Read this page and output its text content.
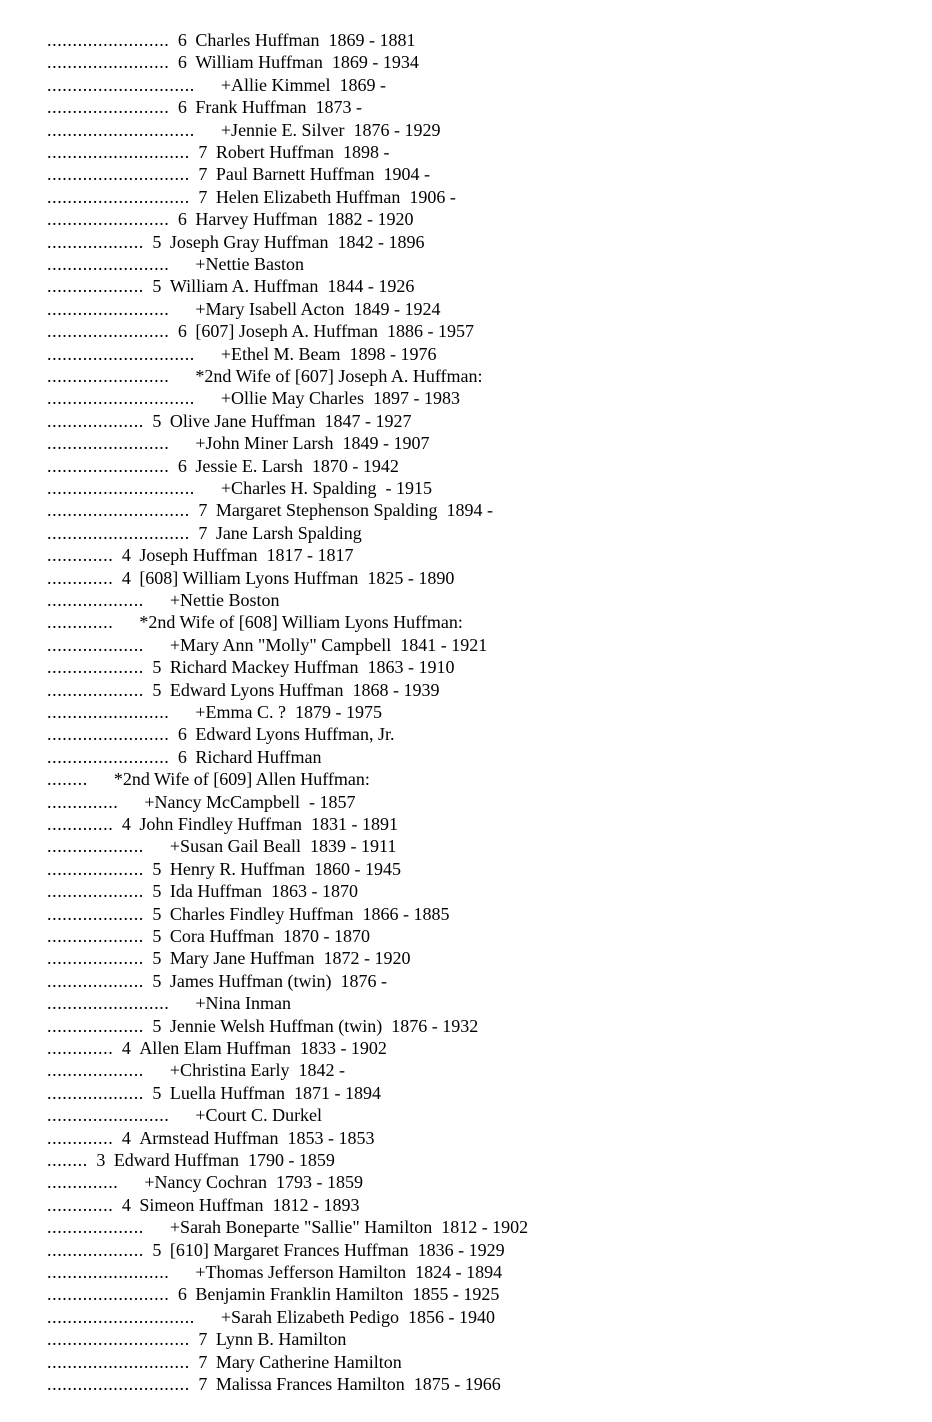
........................ 6 Charles Huffman  1869 - 1881
........................ 6 William Huffman  1869 - 1934
............................. +Allie Kimmel  1869 -
........................ 6 Frank Huffman  1873 -
............................. +Jennie E. Silver  1876 - 1929
............................ 7 Robert Huffman  1898 -
............................ 7 Paul Barnett Huffman  1904 -
............................ 7 Helen Elizabeth Huffman  1906 -
........................ 6 Harvey Huffman  1882 - 1920
................... 5 Joseph Gray Huffman  1842 - 1896
........................ +Nettie Baston
................... 5 William A. Huffman  1844 - 1926
........................ +Mary Isabell Acton  1849 - 1924
........................ 6 [607] Joseph A. Huffman  1886 - 1957
............................. +Ethel M. Beam  1898 - 1976
........................ *2nd Wife of [607] Joseph A. Huffman:
............................. +Ollie May Charles  1897 - 1983
................... 5 Olive Jane Huffman  1847 - 1927
........................ +John Miner Larsh  1849 - 1907
........................ 6 Jessie E. Larsh  1870 - 1942
............................. +Charles H. Spalding  - 1915
............................ 7 Margaret Stephenson Spalding  1894 -
............................ 7 Jane Larsh Spalding
............. 4 Joseph Huffman  1817 - 1817
............. 4 [608] William Lyons Huffman  1825 - 1890
................... +Nettie Boston
............. *2nd Wife of [608] William Lyons Huffman:
................... +Mary Ann "Molly" Campbell  1841 - 1921
................... 5 Richard Mackey Huffman  1863 - 1910
................... 5 Edward Lyons Huffman  1868 - 1939
........................ +Emma C. ?  1879 - 1975
........................ 6 Edward Lyons Huffman, Jr.
........................ 6 Richard Huffman
........ *2nd Wife of [609] Allen Huffman:
.............. +Nancy McCampbell  - 1857
............. 4 John Findley Huffman  1831 - 1891
................... +Susan Gail Beall  1839 - 1911
................... 5 Henry R. Huffman  1860 - 1945
................... 5 Ida Huffman  1863 - 1870
................... 5 Charles Findley Huffman  1866 - 1885
................... 5 Cora Huffman  1870 - 1870
................... 5 Mary Jane Huffman  1872 - 1920
................... 5 James Huffman (twin)  1876 -
........................ +Nina Inman
................... 5 Jennie Welsh Huffman (twin)  1876 - 1932
............. 4 Allen Elam Huffman  1833 - 1902
................... +Christina Early  1842 -
................... 5 Luella Huffman  1871 - 1894
........................ +Court C. Durkel
............. 4 Armstead Huffman  1853 - 1853
........ 3 Edward Huffman  1790 - 1859
.............. +Nancy Cochran  1793 - 1859
............. 4 Simeon Huffman  1812 - 1893
................... +Sarah Boneparte "Sallie" Hamilton  1812 - 1902
................... 5 [610] Margaret Frances Huffman  1836 - 1929
........................ +Thomas Jefferson Hamilton  1824 - 1894
........................ 6 Benjamin Franklin Hamilton  1855 - 1925
............................. +Sarah Elizabeth Pedigo  1856 - 1940
............................ 7 Lynn B. Hamilton
............................ 7 Mary Catherine Hamilton
............................ 7 Malissa Frances Hamilton  1875 - 1966
